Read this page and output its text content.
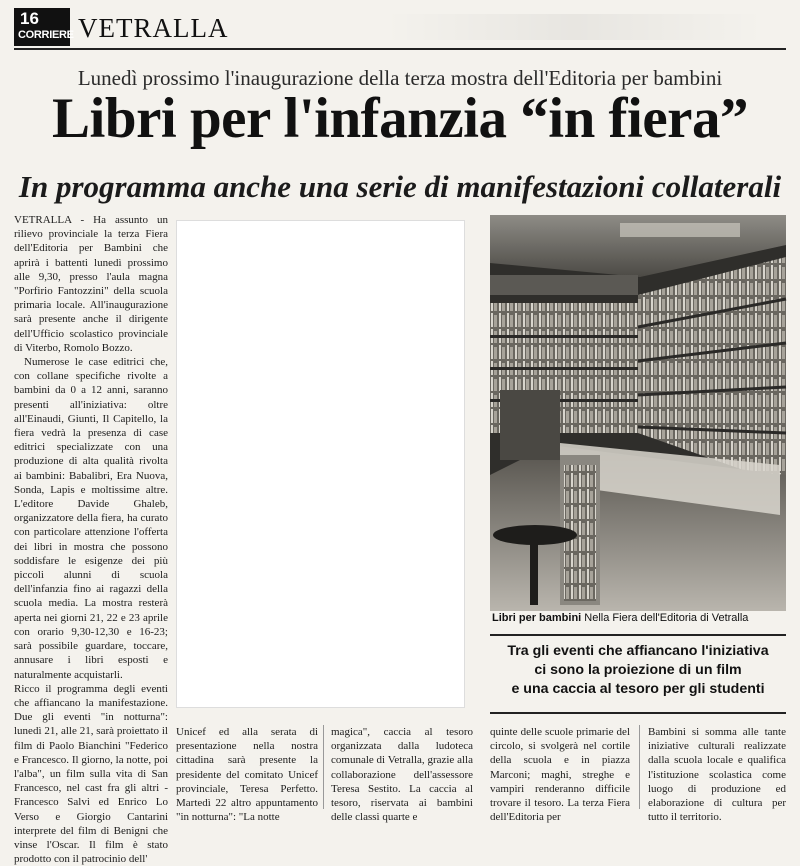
16
CORRIERE VETRALLA
Lunedì prossimo l'inaugurazione della terza mostra dell'Editoria per bambini
Libri per l'infanzia “in fiera”
In programma anche una serie di manifestazioni collaterali

VETRALLA - Ha assunto un rilievo provinciale la terza Fiera dell'Editoria per Bambini che aprirà i battenti lunedì prossimo alle 9,30, presso l'aula magna "Porfirio Fantozzini" della scuola primaria locale. All'inaugurazione sarà presente anche il dirigente dell'Ufficio scolastico provinciale di Viterbo, Romolo Bozzo.

Numerose le case editrici che, con collane specifiche rivolte a bambini da 0 a 12 anni, saranno presenti all'iniziativa: oltre all'Einaudi, Giunti, Il Capitello, la fiera vedrà la presenza di case editrici specializzate con una produzione di alta qualità rivolta ai bambini: Babalibri, Era Nuova, Sonda, Lapis e moltissime altre. L'editore Davide Ghaleb, organizzatore della fiera, ha curato con particolare attenzione l'offerta dei libri in mostra che possono soddisfare le esigenze dei più piccoli alunni di scuola dell'infanzia fino ai ragazzi della scuola media. La mostra resterà aperta nei giorni 21, 22 e 23 aprile con orario 9,30-12,30 e 16-23; sarà possibile guardare, toccare, annusare i libri esposti e naturalmente acquistarli.

Ricco il programma degli eventi che affiancano la manifestazione. Due gli eventi "in notturna": lunedì 21, alle 21, sarà proiettato il film di Paolo Bianchini "Federico e Francesco. Il giorno, la notte, poi l'alba", un film sulla vita di San Francesco, nel cast fra gli altri - Francesco Salvi ed Enrico Lo Verso e Giorgio Cantarini interprete del film di Benigni che vinse l'Oscar. Il film è stato prodotto con il patrocinio dell'

Unicef ed alla serata di presentazione nella nostra cittadina sarà presente la presidente del comitato Unicef provinciale, Teresa Perfetto. Martedì 22 altro appuntamento "in notturna": "La notte

magica", caccia al tesoro organizzata dalla ludoteca comunale di Vetralla, grazie alla collaborazione dell'assessore Teresa Sestito. La caccia al tesoro, riservata ai bambini delle classi quarte e

quinte delle scuole primarie del circolo, si svolgerà nel cortile della scuola e in piazza Marconi; maghi, streghe e vampiri renderanno difficile trovare il tesoro. La terza Fiera dell'Editoria per

Bambini si somma alle tante iniziative culturali realizzate dalla scuola locale e qualifica l'istituzione scolastica come luogo di produzione ed elaborazione di cultura per tutto il territorio.

Libri per bambini Nella Fiera dell'Editoria di Vetralla
Tra gli eventi che affiancano l'iniziativa
ci sono la proiezione di un film
e una caccia al tesoro per gli studenti
